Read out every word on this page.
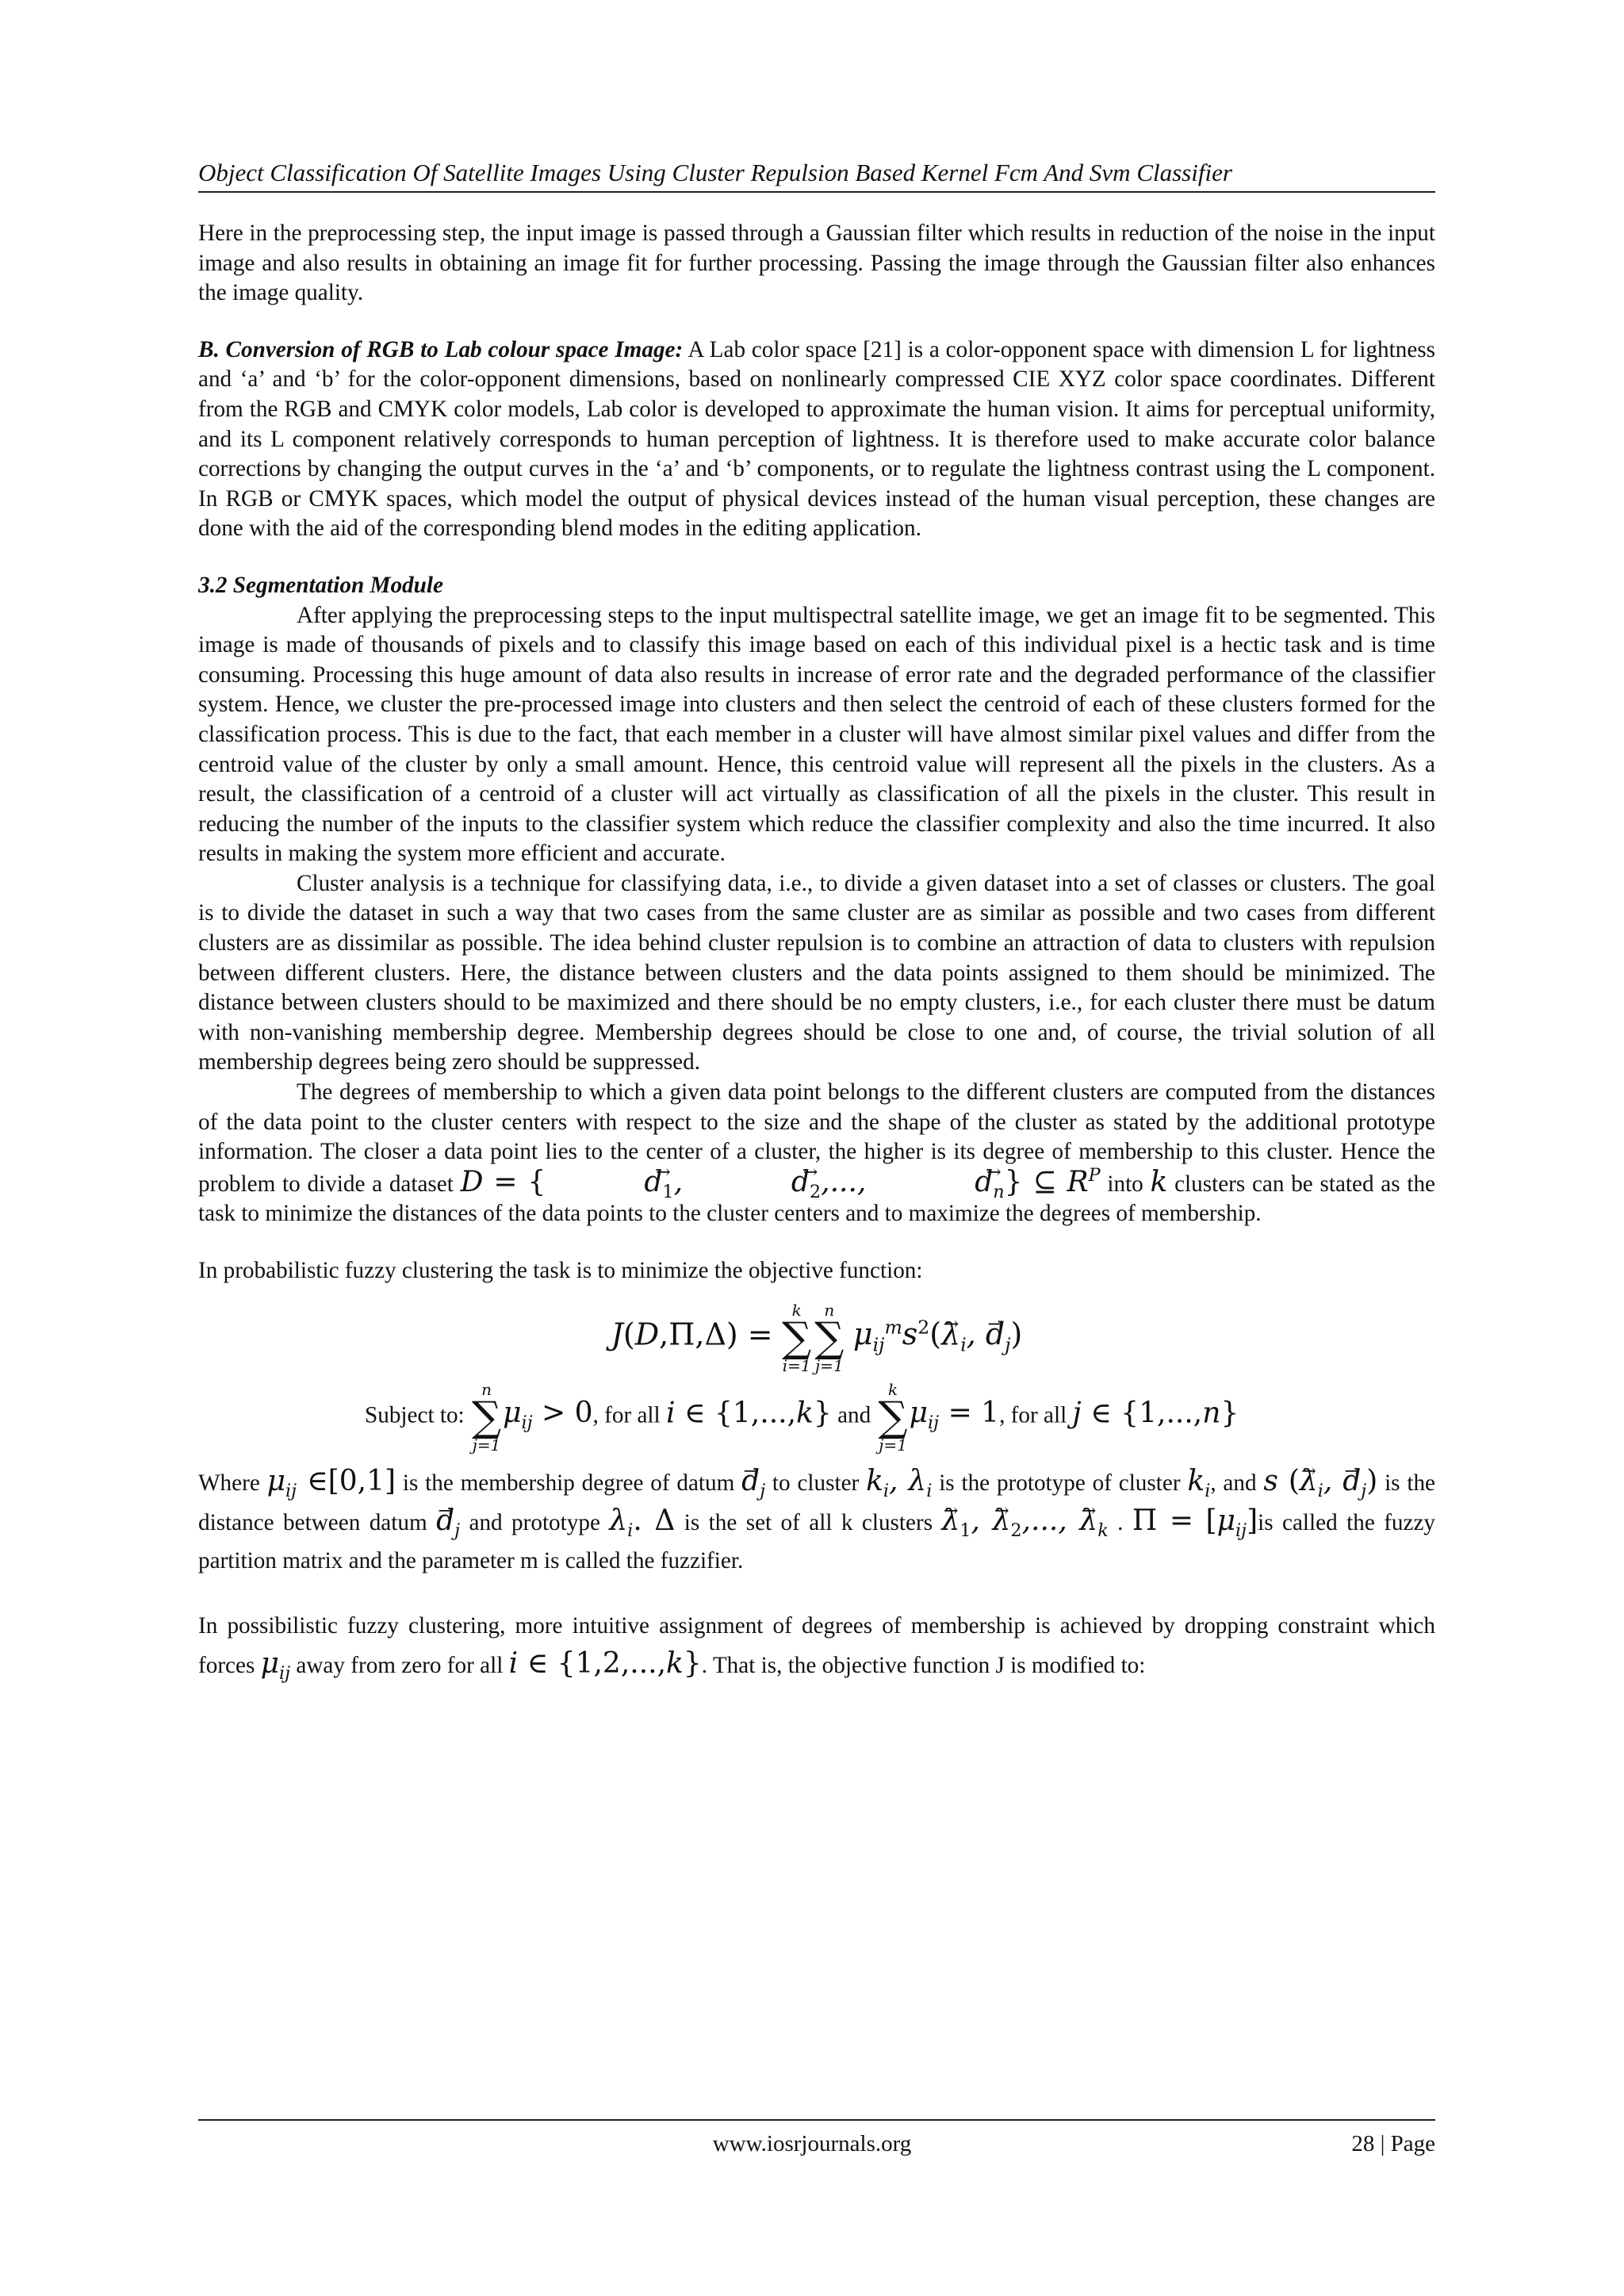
Object Classification Of Satellite Images Using Cluster Repulsion Based Kernel Fcm And Svm Classifier

Here in the preprocessing step, the input image is passed through a Gaussian filter which results in reduction of the noise in the input image and also results in obtaining an image fit for further processing. Passing the image through the Gaussian filter also enhances the image quality.

B. Conversion of RGB to Lab colour space Image: A Lab color space [21] is a color-opponent space with dimension L for lightness and ‘a’ and ‘b’ for the color-opponent dimensions, based on nonlinearly compressed CIE XYZ color space coordinates. Different from the RGB and CMYK color models, Lab color is developed to approximate the human vision. It aims for perceptual uniformity, and its L component relatively corresponds to human perception of lightness. It is therefore used to make accurate color balance corrections by changing the output curves in the ‘a’ and ‘b’ components, or to regulate the lightness contrast using the L component. In RGB or CMYK spaces, which model the output of physical devices instead of the human visual perception, these changes are done with the aid of the corresponding blend modes in the editing application.

3.2 Segmentation Module

After applying the preprocessing steps to the input multispectral satellite image, we get an image fit to be segmented. This image is made of thousands of pixels and to classify this image based on each of this individual pixel is a hectic task and is time consuming. Processing this huge amount of data also results in increase of error rate and the degraded performance of the classifier system. Hence, we cluster the pre-processed image into clusters and then select the centroid of each of these clusters formed for the classification process. This is due to the fact, that each member in a cluster will have almost similar pixel values and differ from the centroid value of the cluster by only a small amount. Hence, this centroid value will represent all the pixels in the clusters. As a result, the classification of a centroid of a cluster will act virtually as classification of all the pixels in the cluster. This result in reducing the number of the inputs to the classifier system which reduce the classifier complexity and also the time incurred. It also results in making the system more efficient and accurate.

Cluster analysis is a technique for classifying data, i.e., to divide a given dataset into a set of classes or clusters. The goal is to divide the dataset in such a way that two cases from the same cluster are as similar as possible and two cases from different clusters are as dissimilar as possible. The idea behind cluster repulsion is to combine an attraction of data to clusters with repulsion between different clusters. Here, the distance between clusters and the data points assigned to them should be minimized. The distance between clusters should to be maximized and there should be no empty clusters, i.e., for each cluster there must be datum with non-vanishing membership degree. Membership degrees should be close to one and, of course, the trivial solution of all membership degrees being zero should be suppressed.

The degrees of membership to which a given data point belongs to the different clusters are computed from the distances of the data point to the cluster centers with respect to the size and the shape of the cluster as stated by the additional prototype information. The closer a data point lies to the center of a cluster, the higher is its degree of membership to this cluster. Hence the problem to divide a dataset D = {	→ $d_1$,	→ $d_2$,...,	→ $d_n$} ⊆ $R^P$ into k clusters can be stated as the task to minimize the distances of the data points to the cluster centers and to maximize the degrees of membership.

In probabilistic fuzzy clustering the task is to minimize the objective function:

J(D,Π,Δ) =
k
∑
i=1
n
∑
j=1
$\mu_{ij}^ms^2(\to \lambda_i$, → $d_j$)
Subject to:
n
∑
j=1
$\mu_{ij} > 0$, for all i ∈ {1,...,k} and
k
∑
j=1
$\mu_{ij} = 1$, for all j ∈ {1,...,n}

Where $\mu_{ij}$ ∈[0,1] is the membership degree of datum → $d_j$ to cluster $k_i$, $\lambda_i$ is the prototype of cluster $k_i$, and s (→ $\lambda_i$, → $d_j$) is the distance between datum → $d_j$ and prototype $\lambda_i$. Δ is the set of all k clusters → $\lambda_1$, → $\lambda_2$,..., → $\lambda_k$ . $\Pi = [\mu_{ij}]is$ called the fuzzy partition matrix and the parameter m is called the fuzzifier.

In possibilistic fuzzy clustering, more intuitive assignment of degrees of membership is achieved by dropping constraint which forces $\mu_{ij}$ away from zero for all i ∈ {1,2,...,k}. That is, the objective function J is modified to:

www.iosrjournals.org	28 | Page
